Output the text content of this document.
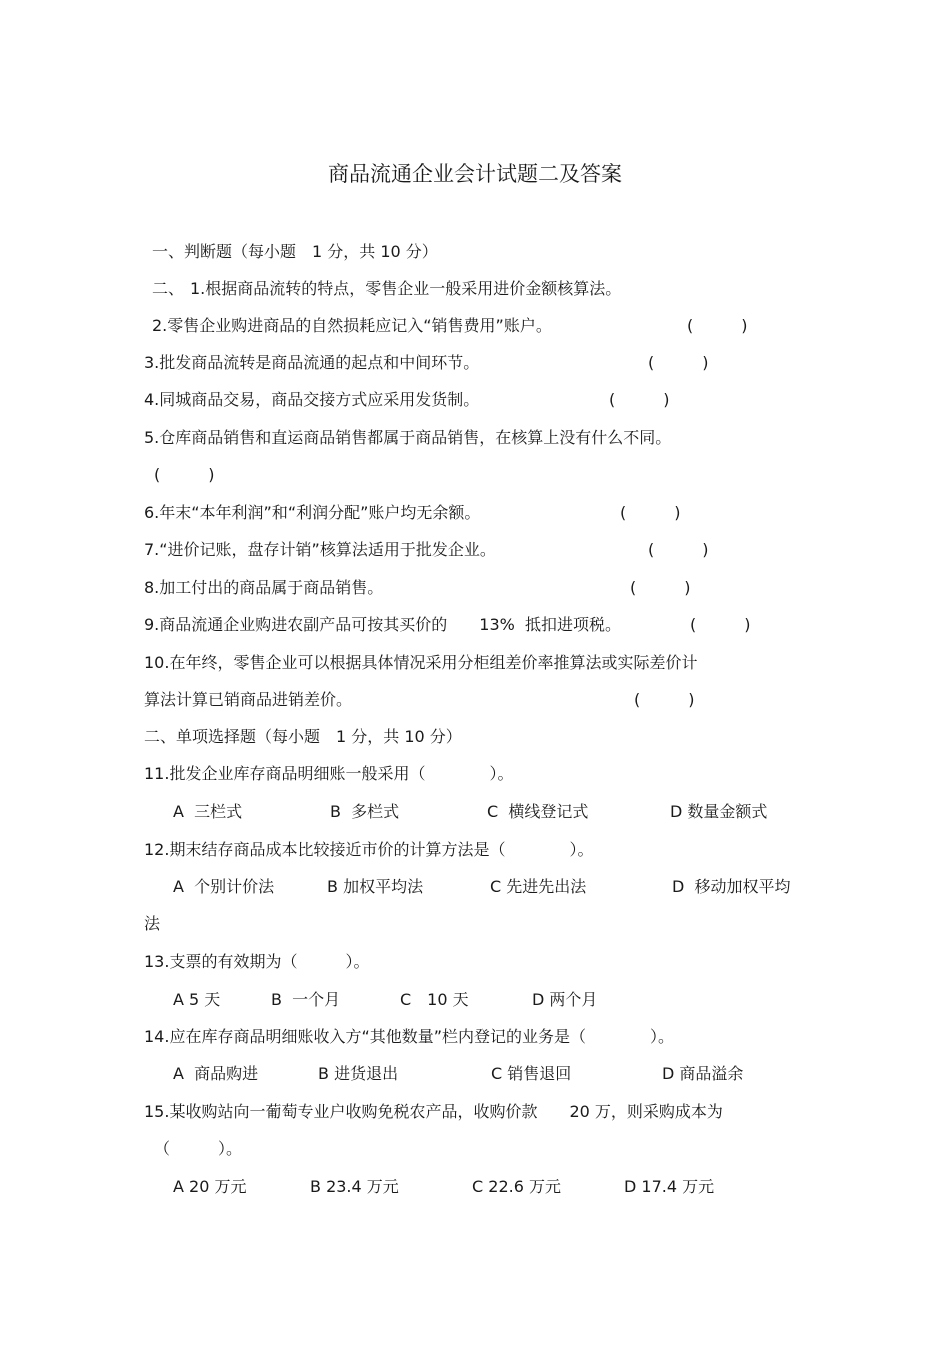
商品流通企业会计试题二及答案
一、判断题（每小题　1 分，共 10 分）
二、 1.根据商品流转的特点，零售企业一般采用进价金额核算法。
2.零售企业购进商品的自然损耗应记入“销售费用”账户。	(　　　)
3.批发商品流转是商品流通的起点和中间环节。	(　　　)
4.同城商品交易，商品交接方式应采用发货制。	(　　　)
5.仓库商品销售和直运商品销售都属于商品销售，在核算上没有什么不同。
(　　　)
6.年末“本年利润”和“利润分配”账户均无余额。	(　　　)
7.“进价记账，盘存计销”核算法适用于批发企业。	(　　　)
8.加工付出的商品属于商品销售。	(　　　)
9.商品流通企业购进农副产品可按其买价的　　13%  抵扣进项税。	(　　　)
10.在年终，零售企业可以根据具体情况采用分柜组差价率推算法或实际差价计
算法计算已销商品进销差价。	(　　　)
二、单项选择题（每小题　1 分，共 10 分）
11.批发企业库存商品明细账一般采用（　　　　）。
A  三栏式	B  多栏式	C  横线登记式	D 数量金额式
12.期末结存商品成本比较接近市价的计算方法是（　　　　）。
A  个别计价法	B 加权平均法	C 先进先出法	D  移动加权平均
法
13.支票的有效期为（　　　）。
A 5 天	B  一个月	C　10 天	D 两个月
14.应在库存商品明细账收入方“其他数量”栏内登记的业务是（　　　　）。
A  商品购进	B 进货退出	C 销售退回	D 商品溢余
15.某收购站向一葡萄专业户收购免税农产品，收购价款　　20 万，则采购成本为
（　　　）。
A 20 万元	B 23.4 万元	C 22.6 万元	D 17.4 万元
